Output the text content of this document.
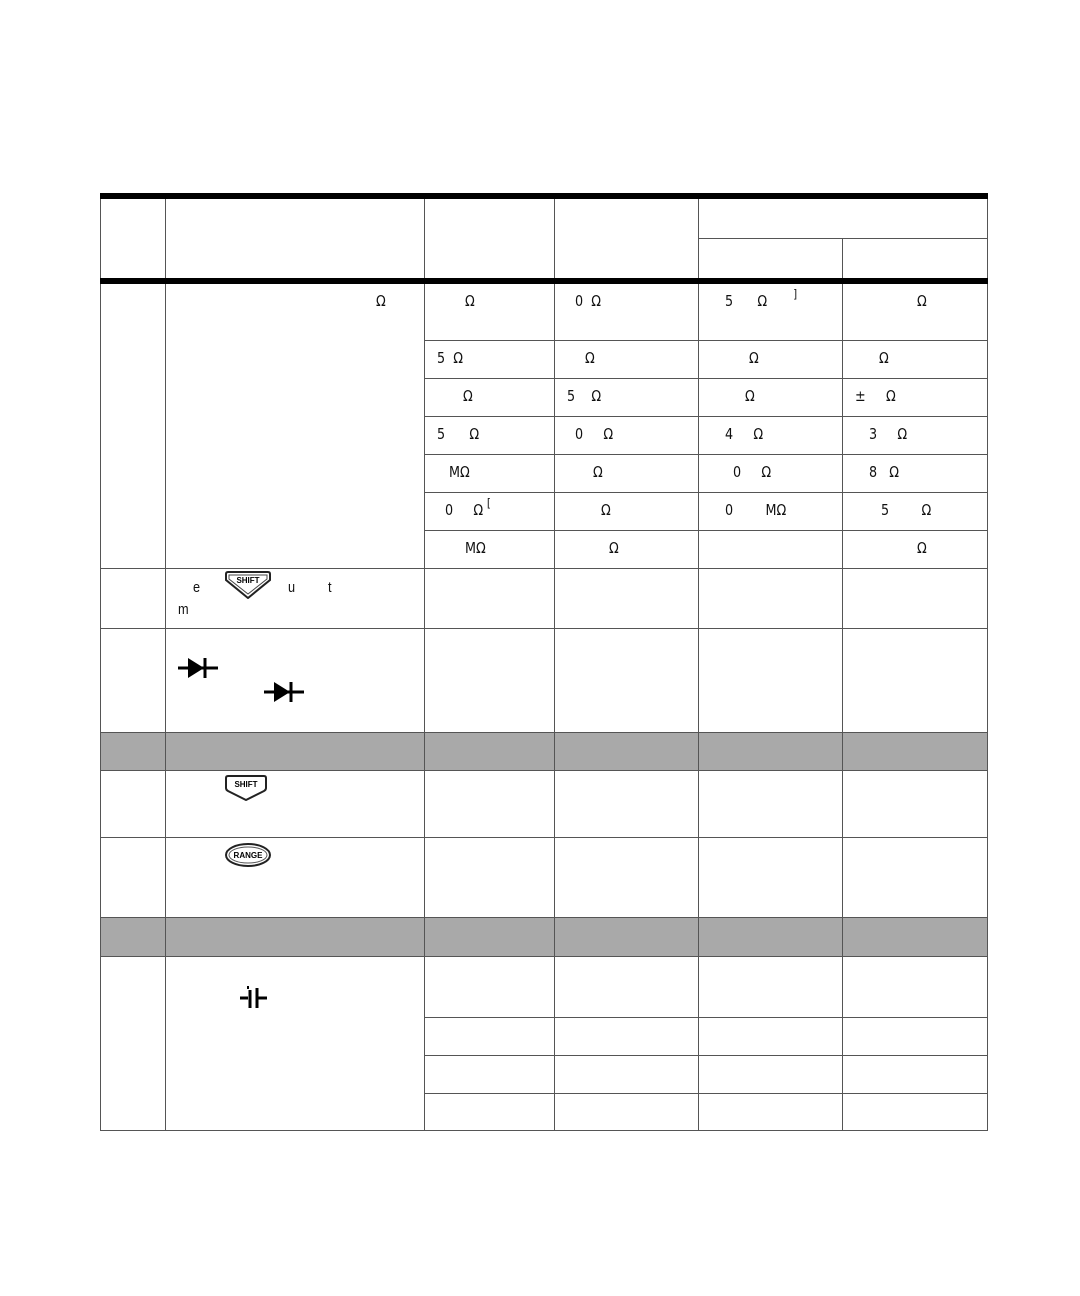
	Ω	Ω	0  Ω	5      Ω ]	Ω

		5  Ω	Ω	Ω	Ω

		Ω	5    Ω	Ω	±     Ω

		5      Ω	0     Ω	4     Ω	3     Ω

		MΩ	Ω	0     Ω	8   Ω

		0     Ω [	Ω	0        MΩ	5        Ω

		MΩ	Ω		Ω

	e SHIFT u t
m				

SHIFT				

RANGE				
